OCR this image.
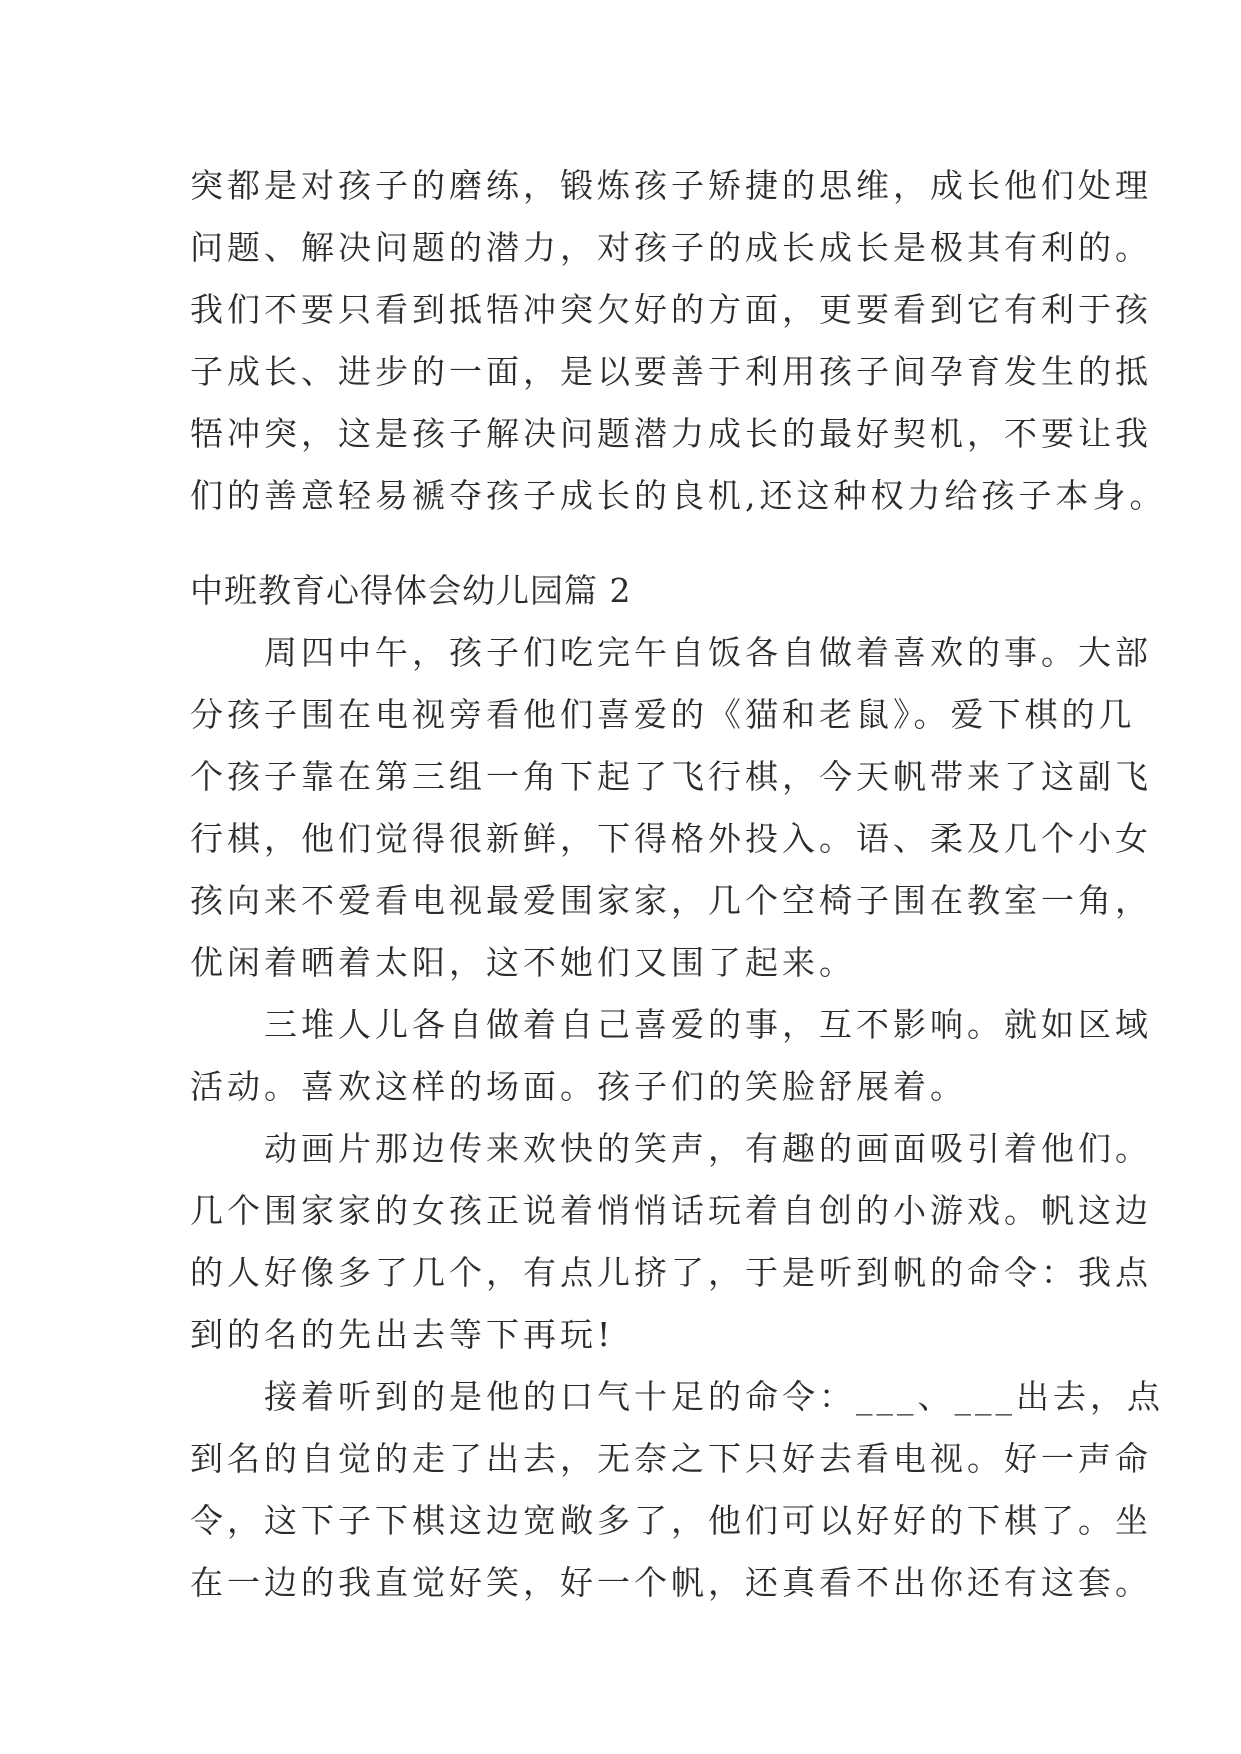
突都是对孩子的磨练，锻炼孩子矫捷的思维，成长他们处理
问题、解决问题的潜力，对孩子的成长成长是极其有利的。
我们不要只看到抵牾冲突欠好的方面，更要看到它有利于孩
子成长、进步的一面，是以要善于利用孩子间孕育发生的抵
牾冲突，这是孩子解决问题潜力成长的最好契机，不要让我
们的善意轻易褫夺孩子成长的良机,还这种权力给孩子本身。
中班教育心得体会幼儿园篇 2
　　周四中午，孩子们吃完午自饭各自做着喜欢的事。大部
分孩子围在电视旁看他们喜爱的《猫和老鼠》。爱下棋的几
个孩子靠在第三组一角下起了飞行棋，今天帆带来了这副飞
行棋，他们觉得很新鲜，下得格外投入。语、柔及几个小女
孩向来不爱看电视最爱围家家，几个空椅子围在教室一角，
优闲着晒着太阳，这不她们又围了起来。
　　三堆人儿各自做着自己喜爱的事，互不影响。就如区域
活动。喜欢这样的场面。孩子们的笑脸舒展着。
　　动画片那边传来欢快的笑声，有趣的画面吸引着他们。
几个围家家的女孩正说着悄悄话玩着自创的小游戏。帆这边
的人好像多了几个，有点儿挤了，于是听到帆的命令：我点
到的名的先出去等下再玩!
　　接着听到的是他的口气十足的命令：___、___出去，点
到名的自觉的走了出去，无奈之下只好去看电视。好一声命
令，这下子下棋这边宽敞多了，他们可以好好的下棋了。坐
在一边的我直觉好笑，好一个帆，还真看不出你还有这套。
